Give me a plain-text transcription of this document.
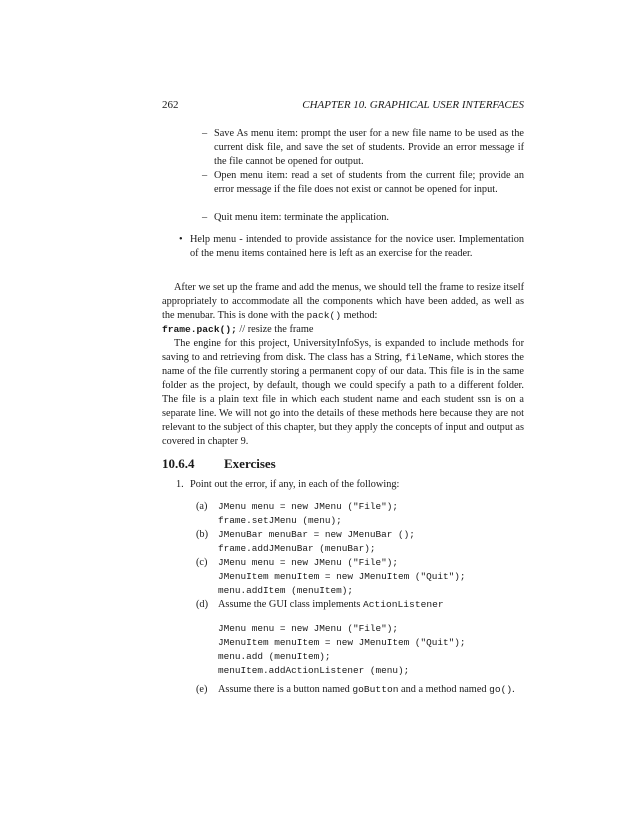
262	CHAPTER 10. GRAPHICAL USER INTERFACES
– Save As menu item: prompt the user for a new file name to be used as the current disk file, and save the set of students. Provide an error message if the file cannot be opened for output.
– Open menu item: read a set of students from the current file; provide an error message if the file does not exist or cannot be opened for input.
– Quit menu item: terminate the application.
• Help menu - intended to provide assistance for the novice user. Implementation of the menu items contained here is left as an exercise for the reader.

After we set up the frame and add the menus, we should tell the frame to resize itself appropriately to accommodate all the components which have been added, as well as the menubar. This is done with the pack() method:

frame.pack(); // resize the frame

The engine for this project, UniversityInfoSys, is expanded to include methods for saving to and retrieving from disk. The class has a String, fileName, which stores the name of the file currently storing a permanent copy of our data. This file is in the same folder as the project, by default, though we could specify a path to a different folder. The file is a plain text file in which each student name and each student ssn is on a separate line. We will not go into the details of these methods here because they are not relevant to the subject of this chapter, but they apply the concepts of input and output as covered in chapter 9.

10.6.4 Exercises
1. Point out the error, if any, in each of the following:
(a) JMenu menu = new JMenu ("File");
frame.setJMenu (menu);
(b) JMenuBar menuBar = new JMenuBar ();
frame.addJMenuBar (menuBar);
(c) JMenu menu = new JMenu ("File");
JMenuItem menuItem = new JMenuItem ("Quit");
menu.addItem (menuItem);
(d) Assume the GUI class implements ActionListener
JMenu menu = new JMenu ("File");
JMenuItem menuItem = new JMenuItem ("Quit");
menu.add (menuItem);
menuItem.addActionListener (menu);
(e) Assume there is a button named goButton and a method named go().
